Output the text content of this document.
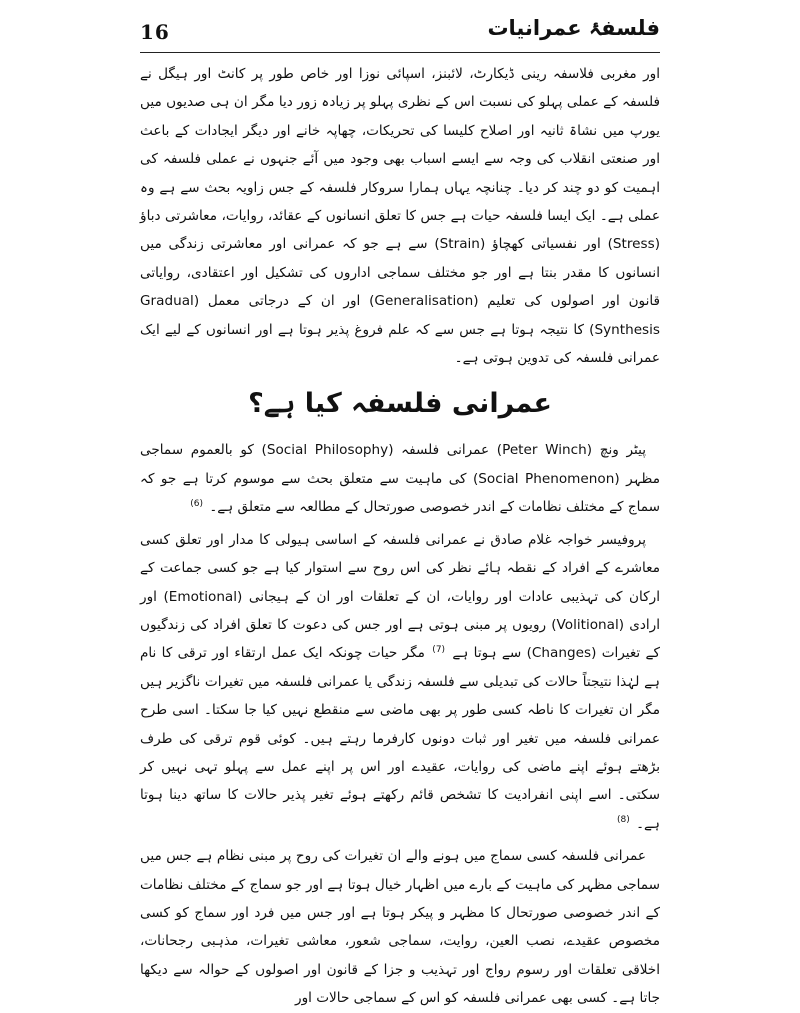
16	فلسفۂ عمرانیات

اور مغربی فلاسفہ رینی ڈیکارٹ، لائبنز، اسپائی نوزا اور خاص طور پر کانٹ اور ہیگل نے فلسفہ کے عملی پہلو کی نسبت اس کے نظری پہلو پر زیادہ زور دیا مگر ان ہی صدیوں میں یورپ میں نشاۃ ثانیہ اور اصلاح کلیسا کی تحریکات، چھاپہ خانے اور دیگر ایجادات کے باعث اور صنعتی انقلاب کی وجہ سے ایسے اسباب بھی وجود میں آئے جنہوں نے عملی فلسفہ کی اہمیت کو دو چند کر دیا۔ چنانچہ یہاں ہمارا سروکار فلسفہ کے جس زاویہ بحث سے ہے وہ عملی ہے۔ ایک ایسا فلسفہ حیات ہے جس کا تعلق انسانوں کے عقائد، روایات، معاشرتی دباؤ (Stress) اور نفسیاتی کھچاؤ (Strain) سے ہے جو کہ عمرانی اور معاشرتی زندگی میں انسانوں کا مقدر بنتا ہے اور جو مختلف سماجی اداروں کی تشکیل اور اعتقادی، روایاتی قانون اور اصولوں کی تعلیم (Generalisation) اور ان کے درجاتی معمل (Gradual Synthesis) کا نتیجہ ہوتا ہے جس سے کہ علم فروغ پذیر ہوتا ہے اور انسانوں کے لیے ایک عمرانی فلسفہ کی تدوین ہوتی ہے۔

عمرانی فلسفہ کیا ہے؟

پیٹر ونچ (Peter Winch) عمرانی فلسفہ (Social Philosophy) کو بالعموم سماجی مظہر (Social Phenomenon) کی ماہیت سے متعلق بحث سے موسوم کرتا ہے جو کہ سماج کے مختلف نظامات کے اندر خصوصی صورتحال کے مطالعہ سے متعلق ہے۔ $^{(6)}$

پروفیسر خواجہ غلام صادق نے عمرانی فلسفہ کے اساسی ہیولی کا مدار اور تعلق کسی معاشرے کے افراد کے نقطہ ہائے نظر کی اس روح سے استوار کیا ہے جو کسی جماعت کے ارکان کی تہذیبی عادات اور روایات، ان کے تعلقات اور ان کے ہیجانی (Emotional) اور ارادی (Volitional) رویوں پر مبنی ہوتی ہے اور جس کی دعوت کا تعلق افراد کی زندگیوں کے تغیرات (Changes) سے ہوتا ہے $^{(7)}$ مگر حیات چونکہ ایک عمل ارتقاء اور ترقی کا نام ہے لہٰذا نتیجتاً حالات کی تبدیلی سے فلسفہ زندگی یا عمرانی فلسفہ میں تغیرات ناگزیر ہیں مگر ان تغیرات کا ناطہ کسی طور پر بھی ماضی سے منقطع نہیں کیا جا سکتا۔ اسی طرح عمرانی فلسفہ میں تغیر اور ثبات دونوں کارفرما رہتے ہیں۔ کوئی قوم ترقی کی طرف بڑھتے ہوئے اپنے ماضی کی روایات، عقیدے اور اس پر اپنے عمل سے پہلو تہی نہیں کر سکتی۔ اسے اپنی انفرادیت کا تشخص قائم رکھتے ہوئے تغیر پذیر حالات کا ساتھ دینا ہوتا ہے۔ $^{(8)}$

عمرانی فلسفہ کسی سماج میں ہونے والے ان تغیرات کی روح پر مبنی نظام ہے جس میں سماجی مظہر کی ماہیت کے بارے میں اظہار خیال ہوتا ہے اور جو سماج کے مختلف نظامات کے اندر خصوصی صورتحال کا مظہر و پیکر ہوتا ہے اور جس میں فرد اور سماج کو کسی مخصوص عقیدے، نصب العین، روایت، سماجی شعور، معاشی تغیرات، مذہبی رجحانات، اخلاقی تعلقات اور رسوم رواج اور تہذیب و جزا کے قانون اور اصولوں کے حوالہ سے دیکھا جاتا ہے۔ کسی بھی عمرانی فلسفہ کو اس کے سماجی حالات اور
